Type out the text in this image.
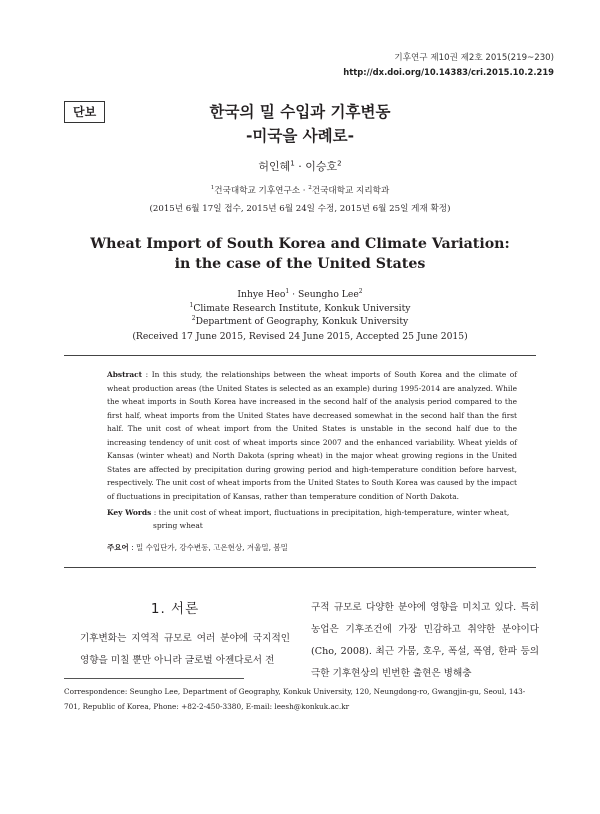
기후연구 제10권 제2호 2015(219~230)
http://dx.doi.org/10.14383/cri.2015.10.2.219
단보	한국의 밀 수입과 기후변동
-미국을 사례로-
허인혜$^1$ · 이승호$^2$
$^1$건국대학교 기후연구소 · $^2$건국대학교 지리학과
(2015년 6월 17일 접수, 2015년 6월 24일 수정, 2015년 6월 25일 게재 확정)
Wheat Import of South Korea and Climate Variation:
in the case of the United States
Inhye Heo$^1$ · Seungho Lee$^2$
$^1$Climate Research Institute, Konkuk University
$^2$Department of Geography, Konkuk University
(Received 17 June 2015, Revised 24 June 2015, Accepted 25 June 2015)
Abstract : In this study, the relationships between the wheat imports of South Korea and the climate of wheat production areas (the United States is selected as an example) during 1995-2014 are analyzed. While the wheat imports in South Korea have increased in the second half of the analysis period compared to the first half, wheat imports from the United States have decreased somewhat in the second half than the first half. The unit cost of wheat import from the United States is unstable in the second half due to the increasing tendency of unit cost of wheat imports since 2007 and the enhanced variability. Wheat yields of Kansas (winter wheat) and North Dakota (spring wheat) in the major wheat growing regions in the United States are affected by precipitation during growing period and high-temperature condition before harvest, respectively. The unit cost of wheat imports from the United States to South Korea was caused by the impact of fluctuations in precipitation of Kansas, rather than temperature condition of North Dakota.
Key Words : the unit cost of wheat import, fluctuations in precipitation, high-temperature, winter wheat,
spring wheat
주요어 : 밀 수입단가, 강수변동, 고온현상, 겨울밀, 봄밀
1. 서론
기후변화는 지역적 규모로 여러 분야에 국지적인 영향을 미칠 뿐만 아니라 글로벌 아젠다로서 전
구적 규모로 다양한 분야에 영향을 미치고 있다. 특히 농업은 기후조건에 가장 민감하고 취약한 분야이다(Cho, 2008). 최근 가뭄, 호우, 폭설, 폭염, 한파 등의 극한 기후현상의 빈번한 출현은 병해충
Correspondence: Seungho Lee, Department of Geography, Konkuk University, 120, Neungdong-ro, Gwangjin-gu, Seoul, 143-701, Republic of Korea, Phone: +82-2-450-3380, E-mail: leesh@konkuk.ac.kr
